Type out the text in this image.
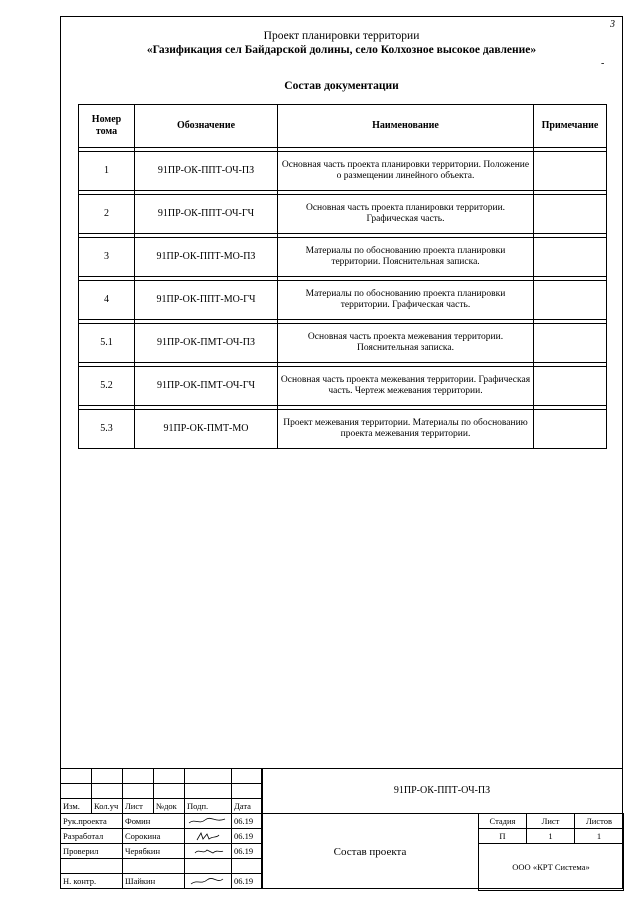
3
Проект планировки территории
«Газификация сел Байдарской долины, село Колхозное высокое давление»
-
Состав документации
Номер тома	Обозначение	Наименование	Примечание

1	91ПР-ОК-ППТ-ОЧ-ПЗ	Основная часть проекта планировки территории. Положение о размещении линейного объекта.	

2	91ПР-ОК-ППТ-ОЧ-ГЧ	Основная часть проекта планировки территории. Графическая часть.	

3	91ПР-ОК-ППТ-МО-ПЗ	Материалы по обоснованию проекта планировки территории. Пояснительная записка.	

4	91ПР-ОК-ППТ-МО-ГЧ	Материалы по обоснованию проекта планировки территории. Графическая часть.	

5.1	91ПР-ОК-ПМТ-ОЧ-ПЗ	Основная часть проекта межевания территории. Пояснительная записка.	

5.2	91ПР-ОК-ПМТ-ОЧ-ГЧ	Основная часть проекта межевания территории. Графическая часть. Чертеж межевания территории.	

5.3	91ПР-ОК-ПМТ-МО	Проект межевания территории. Материалы по обоснованию проекта межевания территории.	

Изм.	Кол.уч	Лист	№док	Подп.	Дата
Рук.проекта		Фомин			06.19
Разработал		Сорокина			06.19
Проверил		Черябкин			06.19

Н. контр.		Шайкин			06.19
91ПР-ОК-ППТ-ОЧ-ПЗ
Состав проекта
Стадия	Лист	Листов
П	1	1
ООО «КРТ Система»		
